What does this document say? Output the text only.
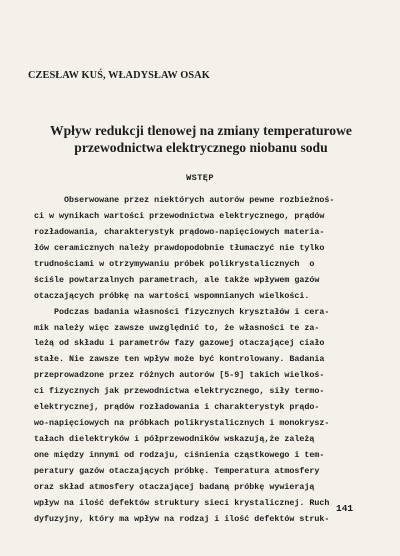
CZESŁAW KUŚ, WŁADYSŁAW OSAK
Wpływ redukcji tlenowej na zmiany temperaturowe
przewodnictwa elektrycznego niobanu sodu
WSTĘP
Obserwowane przez niektórych autorów pewne rozbieżnoś-
ci w wynikach wartości przewodnictwa elektrycznego, prądów
rozładowania, charakterystyk prądowo-napięciowych materia-
łów ceramicznych należy prawdopodobnie tłumaczyć nie tylko
trudnościami w otrzymywaniu próbek polikrystalicznych  o
ściśle powtarzalnych parametrach, ale także wpływem gazów
otaczających próbkę na wartości wspomnianych wielkości.
Podczas badania własności fizycznych kryształów i cera-
mik należy więc zawsze uwzględnić to, że własności te za-
leżą od składu i parametrów fazy gazowej otaczającej ciało
stałe. Nie zawsze ten wpływ może być kontrolowany. Badania
przeprowadzone przez różnych autorów [5-9] takich wielkoś-
ci fizycznych jak przewodnictwa elektrycznego, siły termo-
elektrycznej, prądów rozładowania i charakterystyk prądo-
wo-napięciowych na próbkach polikrystalicznych i monokrysz-
tałach dielektryków i półprzewodników wskazują,że zależą
one między innymi od rodzaju, ciśnienia cząstkowego i tem-
peratury gazów otaczających próbkę. Temperatura atmosfery
oraz skład atmosfery otaczającej badaną próbkę wywierają
wpływ na ilość defektów struktury sieci krystalicznej. Ruch
dyfuzyjny, który ma wpływ na rodzaj i ilość defektów struk-
141
